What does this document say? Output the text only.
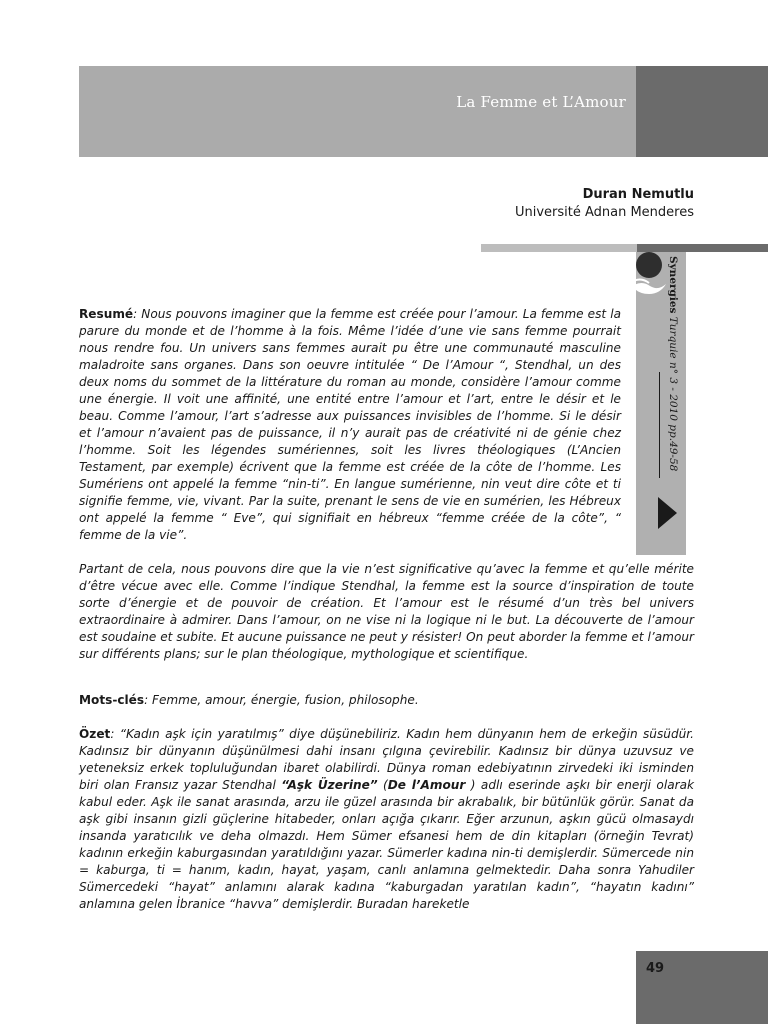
La Femme et L’Amour
Duran Nemutlu
Université Adnan Menderes
Synergies Turquie n° 3 - 2010 pp.49-58
Resumé: Nous pouvons imaginer que la femme est créée pour l’amour. La femme est la parure du monde et de l’homme à la fois. Même l’idée d’une vie sans femme pourrait nous rendre fou. Un univers sans femmes aurait pu être une communauté masculine maladroite sans organes. Dans son oeuvre intitulée “ De l’Amour “, Stendhal, un des deux noms du sommet de la littérature du roman au monde, considère l’amour comme une énergie. Il voit une affinité, une entité entre l’amour et l’art, entre le désir et le beau. Comme l’amour, l’art s’adresse aux puissances invisibles de l’homme. Si le désir et l’amour n’avaient pas de puissance, il n’y aurait pas de créativité ni de génie chez l’homme. Soit les légendes sumériennes, soit les livres théologiques (L’Ancien Testament, par exemple) écrivent que la femme est créée de la côte de l’homme. Les Sumériens ont appelé la femme “nin-ti”. En langue sumérienne, nin veut dire côte et ti signifie femme, vie, vivant. Par la suite, prenant le sens de vie en sumérien, les Hébreux ont appelé la femme “ Eve”, qui signifiait en hébreux “femme créée de la côte”, “ femme de la vie”.
Partant de cela, nous pouvons dire que la vie n’est significative qu’avec la femme et qu’elle mérite d’être vécue avec elle. Comme l’indique Stendhal, la femme est la source d’inspiration de toute sorte d’énergie et de pouvoir de création. Et l’amour est le résumé d’un très bel univers extraordinaire à admirer. Dans l’amour, on ne vise ni la logique ni le but. La découverte de l’amour est soudaine et subite. Et aucune puissance ne peut y résister! On peut aborder la femme et l’amour sur différents plans; sur le plan théologique, mythologique et scientifique.
Mots-clés: Femme, amour, énergie, fusion, philosophe.
Özet: “Kadın aşk için yaratılmış” diye düşünebiliriz. Kadın hem dünyanın hem de erkeğin süsüdür. Kadınsız bir dünyanın düşünülmesi dahi insanı çılgına çevirebilir. Kadınsız bir dünya uzuvsuz ve yeteneksiz erkek topluluğundan ibaret olabilirdi. Dünya roman edebiyatının zirvedeki iki isminden biri olan Fransız yazar Stendhal “Aşk Üzerine” (De l’Amour ) adlı eserinde aşkı bir enerji olarak kabul eder. Aşk ile sanat arasında, arzu ile güzel arasında bir akrabalık, bir bütünlük görür. Sanat da aşk gibi insanın gizli güçlerine hitabeder, onları açığa çıkarır. Eğer arzunun, aşkın gücü olmasaydı insanda yaratıcılık ve deha olmazdı. Hem Sümer efsanesi hem de din kitapları (örneğin Tevrat) kadının erkeğin kaburgasından yaratıldığını yazar. Sümerler kadına nin-ti demişlerdir. Sümercede nin = kaburga, ti = hanım, kadın, hayat, yaşam, canlı anlamına gelmektedir. Daha sonra Yahudiler Sümercedeki “hayat” anlamını alarak kadına “kaburgadan yaratılan kadın”, “hayatın kadını” anlamına gelen İbranice “havva” demişlerdir. Buradan hareketle
49
